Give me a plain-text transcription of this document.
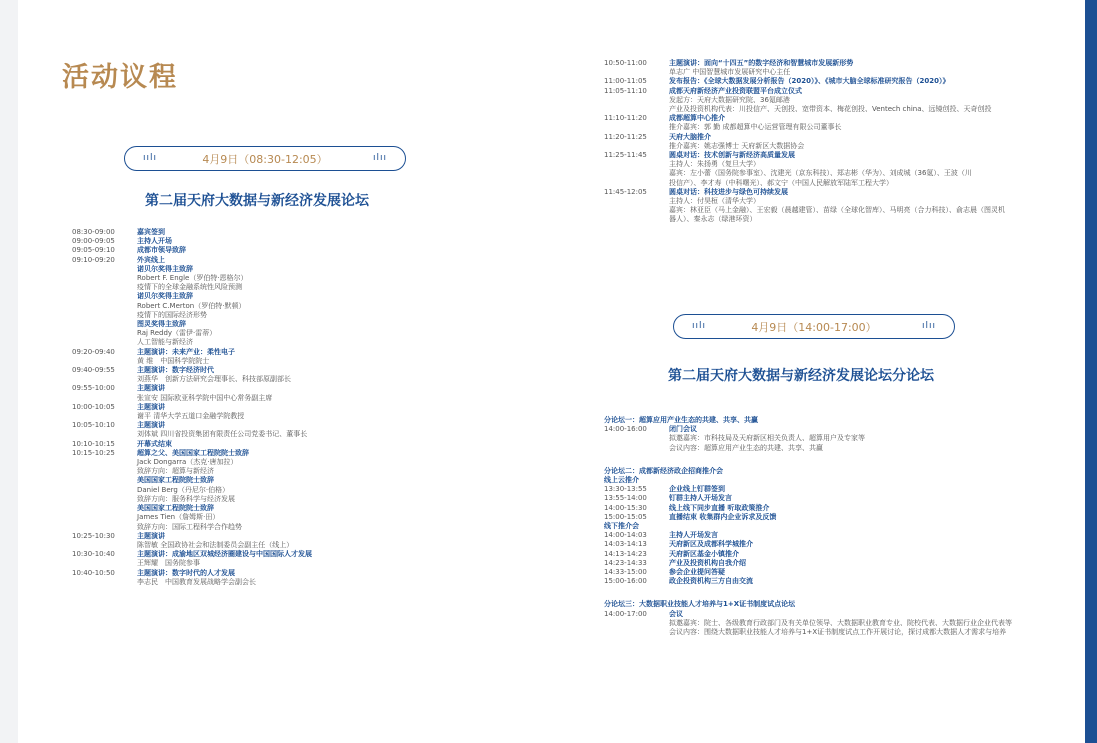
活动议程
ıılı	4月9日（08:30-12:05）	ılıı
第二届天府大数据与新经济发展论坛
08:30-09:00	嘉宾签到
09:00-09:05	主持人开场
09:05-09:10	成都市领导致辞
09:10-09:20	外宾线上
诺贝尔奖得主致辞
Robert F. Engle（罗伯特·恩格尔）
疫情下的全球金融系统性风险预测
诺贝尔奖得主致辞
Robert C.Merton（罗伯特·默顿）
疫情下的国际经济形势
图灵奖得主致辞
Raj Reddy（雷伊·雷蒂）
人工智能与新经济
09:20-09:40	主题演讲：未来产业：柔性电子
黄 维　中国科学院院士
09:40-09:55	主题演讲：数字经济时代
刘燕华　创新方法研究会理事长、科技部原副部长
09:55-10:00	主题演讲
张宣安 国际欧亚科学院中国中心常务副主席
10:00-10:05	主题演讲
谢平 清华大学五道口金融学院教授
10:05-10:10	主题演讲
刘体斌 四川省投资集团有限责任公司党委书记、董事长
10:10-10:15	开幕式结束
10:15-10:25	超算之父、美国国家工程院院士致辞
Jack Dongarra（杰克·唐加拉）
致辞方向：超算与新经济
美国国家工程院院士致辞
Daniel Berg（丹尼尔·伯格）
致辞方向：服务科学与经济发展
美国国家工程院院士致辞
James Tien（詹姆斯·田）
致辞方向：国际工程科学合作趋势
10:25-10:30	主题演讲
陈智敏 全国政协社会和法制委员会副主任（线上）
10:30-10:40	主题演讲：成渝地区双城经济圈建设与中国国际人才发展
王辉耀　国务院参事
10:40-10:50	主题演讲：数字时代的人才发展
李志民　中国教育发展战略学会副会长
10:50-11:00	主题演讲：面向“十四五”的数字经济和智慧城市发展新形势
单志广 中国智慧城市发展研究中心主任
11:00-11:05	发布报告：《全球大数据发展分析报告（2020）》、《城市大脑全球标准研究报告（2020）》
11:05-11:10	成都天府新经济产业投资联盟平台成立仪式
发起方：天府大数据研究院、36氪邮港
产业及投资机构代表：川投信产、天创投、宽带资本、梅花创投、Ventech china、远镜创投、天奇创投
11:10-11:20	成都超算中心推介
推介嘉宾：郭 勤 成都超算中心运营管理有限公司董事长
11:20-11:25	天府大脑推介
推介嘉宾：姚志强博士 天府新区大数据协会
11:25-11:45	圆桌对话：技术创新与新经济高质量发展
主持人：朱扬勇（复旦大学）
嘉宾：左小蕾（国务院参事室）、沈建光（京东科技）、郑志彬（华为）、刘成城（36氪）、王波（川
投信产）、李才寿（中科曙光）、郝文宁（中国人民解放军陆军工程大学）
11:45-12:05	圆桌对话：科技进步与绿色可持续发展
主持人：付昊桓（清华大学）
嘉宾：林亚臣（马上金融）、王宏毅（晨越建管）、苗绿（全球化智库）、马明亮（合力科技）、俞志晨（图灵机
器人）、秦永志（绿港环资）
ıılı	4月9日（14:00-17:00）	ılıı
第二届天府大数据与新经济发展论坛分论坛
分论坛一：超算应用产业生态的共建、共享、共赢
14:00-16:00	闭门会议
拟邀嘉宾：市科技局及天府新区相关负责人、超算用户及专家等
会议内容：超算应用产业生态的共建、共享、共赢
分论坛二：成都新经济政企招商推介会
线上云推介
13:30-13:55	企业线上钉群签到
13:55-14:00	钉群主持人开场发言
14:00-15:30	线上线下同步直播 听取政策推介
15:00-15:05	直播结束 收集群内企业诉求及反馈
线下推介会
14:00-14:03	主持人开场发言
14:03-14:13	天府新区及成都科学城推介
14:13-14:23	天府新区基金小镇推介
14:23-14:33	产业及投资机构自我介绍
14:33-15:00	参会企业提问答疑
15:00-16:00	政企投资机构三方自由交流
分论坛三：大数据职业技能人才培养与1+X证书制度试点论坛
14:00-17:00	会议
拟邀嘉宾：院士、各级教育行政部门及有关单位领导、大数据职业教育专业、院校代表、大数据行业企业代表等
会议内容：围绕大数据职业技能人才培养与1+X证书制度试点工作开展讨论，探讨成都大数据人才需求与培养
